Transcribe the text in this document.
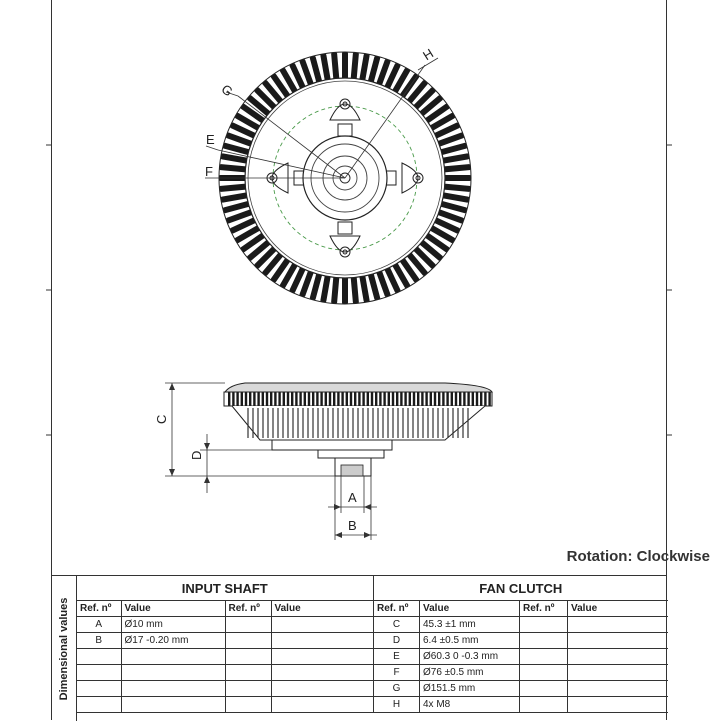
H
G
E
F
C
D
A
B
Rotation: Clockwise
Dimensional values
INPUT SHAFT			
Ref. nº	Value	Ref. nº	Value
A	Ø10 mm		
B	Ø17 -0.20 mm		

FAN CLUTCH			
Ref. nº	Value	Ref. nº	Value
C	45.3 ±1 mm		
D	6.4 ±0.5 mm		
E	Ø60.3 0 -0.3 mm		
F	Ø76 ±0.5 mm		
G	Ø151.5 mm		
H	4x M8		
